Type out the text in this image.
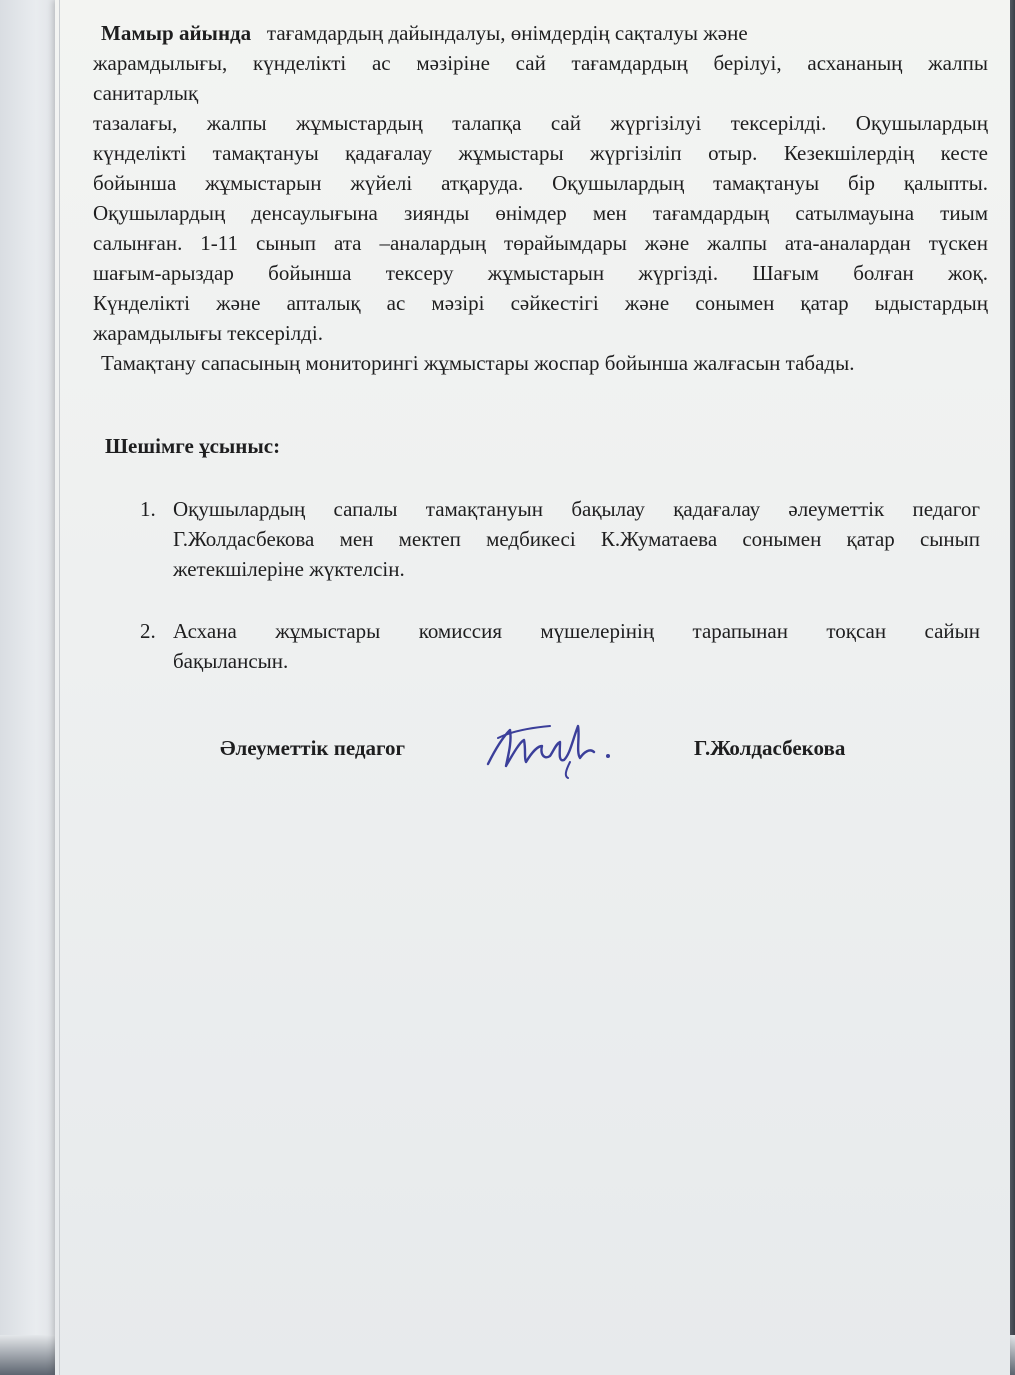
Мамыр айында тағамдардың дайындалуы, өнімдердің сақталуы және
жарамдылығы, күнделікті ас мәзіріне сай тағамдардың берілуі, асхананың жалпы
санитарлық
тазалағы, жалпы жұмыстардың талапқа сай жүргізілуі тексерілді. Оқушылардың
күнделікті тамақтануы қадағалау жұмыстары жүргізіліп отыр. Кезекшілердің кесте
бойынша жұмыстарын жүйелі атқаруда. Оқушылардың тамақтануы бір қалыпты.
Оқушылардың денсаулығына зиянды өнімдер мен тағамдардың сатылмауына тиым
салынған. 1-11 сынып ата –аналардың төрайымдары және жалпы ата-аналардан түскен
шағым-арыздар бойынша тексеру жұмыстарын жүргізді. Шағым болған жоқ.
Күнделікті және апталық ас мәзірі сәйкестігі және сонымен қатар ыдыстардың
жарамдылығы тексерілді.
Тамақтану сапасының мониторингі жұмыстары жоспар бойынша жалғасын табады.
Шешімге ұсыныс:
1. Оқушылардың сапалы тамақтануын бақылау қадағалау әлеуметтік педагог
Г.Жолдасбекова мен мектеп медбикесі К.Жуматаева сонымен қатар сынып
жетекшілеріне жүктелсін.
2. Асхана жұмыстары комиссия мүшелерінің тарапынан тоқсан сайын
бақылансын.
Әлеуметтік педагог	Г.Жолдасбекова
